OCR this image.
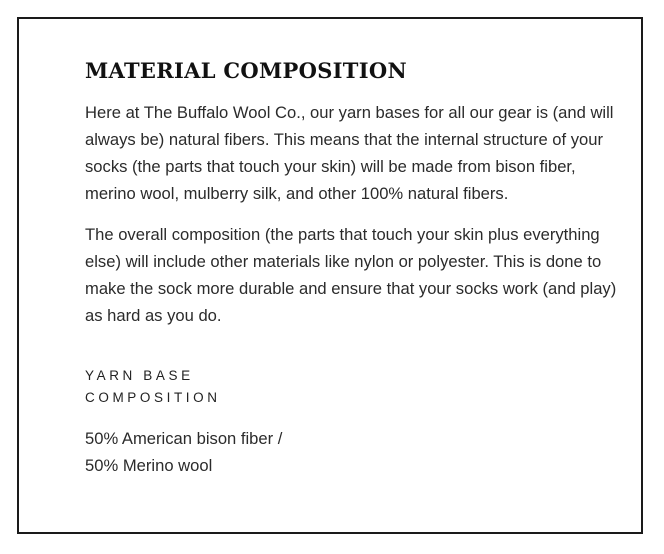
MATERIAL COMPOSITION

Here at The Buffalo Wool Co., our yarn bases for all our gear is (and will always be) natural fibers. This means that the internal structure of your socks (the parts that touch your skin) will be made from bison fiber, merino wool, mulberry silk, and other 100% natural fibers.

The overall composition (the parts that touch your skin plus everything else) will include other materials like nylon or polyester. This is done to make the sock more durable and ensure that your socks work (and play) as hard as you do.

YARN BASE
COMPOSITION

50% American bison fiber /
50% Merino wool
